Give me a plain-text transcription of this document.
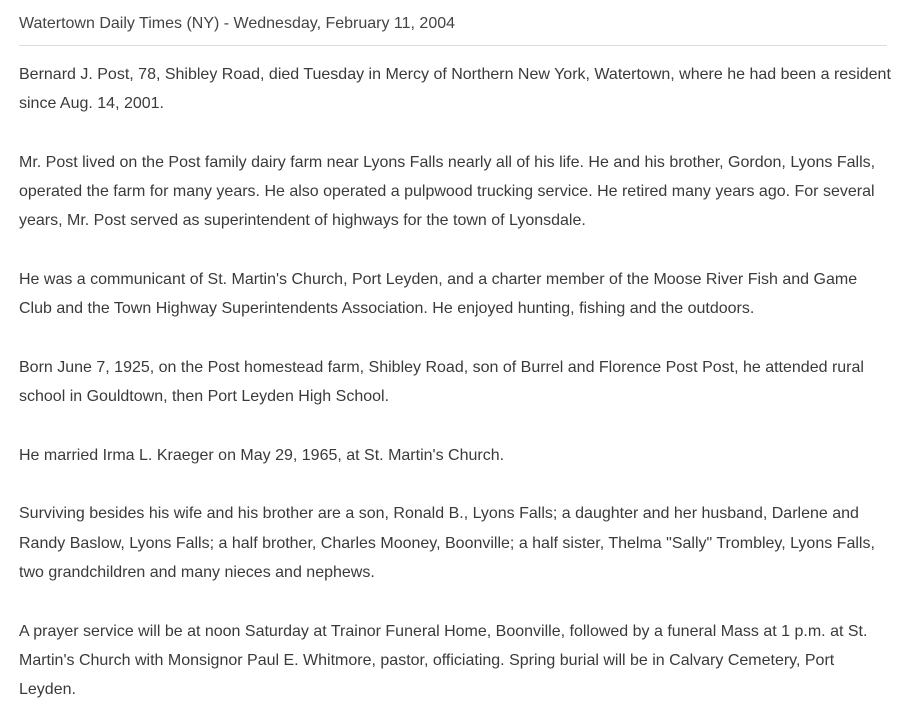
Watertown Daily Times (NY) - Wednesday, February 11, 2004

Bernard J. Post, 78, Shibley Road, died Tuesday in Mercy of Northern New York, Watertown, where he had been a resident since Aug. 14, 2001.

Mr. Post lived on the Post family dairy farm near Lyons Falls nearly all of his life. He and his brother, Gordon, Lyons Falls, operated the farm for many years. He also operated a pulpwood trucking service. He retired many years ago. For several years, Mr. Post served as superintendent of highways for the town of Lyonsdale.

He was a communicant of St. Martin's Church, Port Leyden, and a charter member of the Moose River Fish and Game Club and the Town Highway Superintendents Association. He enjoyed hunting, fishing and the outdoors.

Born June 7, 1925, on the Post homestead farm, Shibley Road, son of Burrel and Florence Post Post, he attended rural school in Gouldtown, then Port Leyden High School.

He married Irma L. Kraeger on May 29, 1965, at St. Martin's Church.

Surviving besides his wife and his brother are a son, Ronald B., Lyons Falls; a daughter and her husband, Darlene and Randy Baslow, Lyons Falls; a half brother, Charles Mooney, Boonville; a half sister, Thelma "Sally" Trombley, Lyons Falls, two grandchildren and many nieces and nephews.

A prayer service will be at noon Saturday at Trainor Funeral Home, Boonville, followed by a funeral Mass at 1 p.m. at St. Martin's Church with Monsignor Paul E. Whitmore, pastor, officiating. Spring burial will be in Calvary Cemetery, Port Leyden.
